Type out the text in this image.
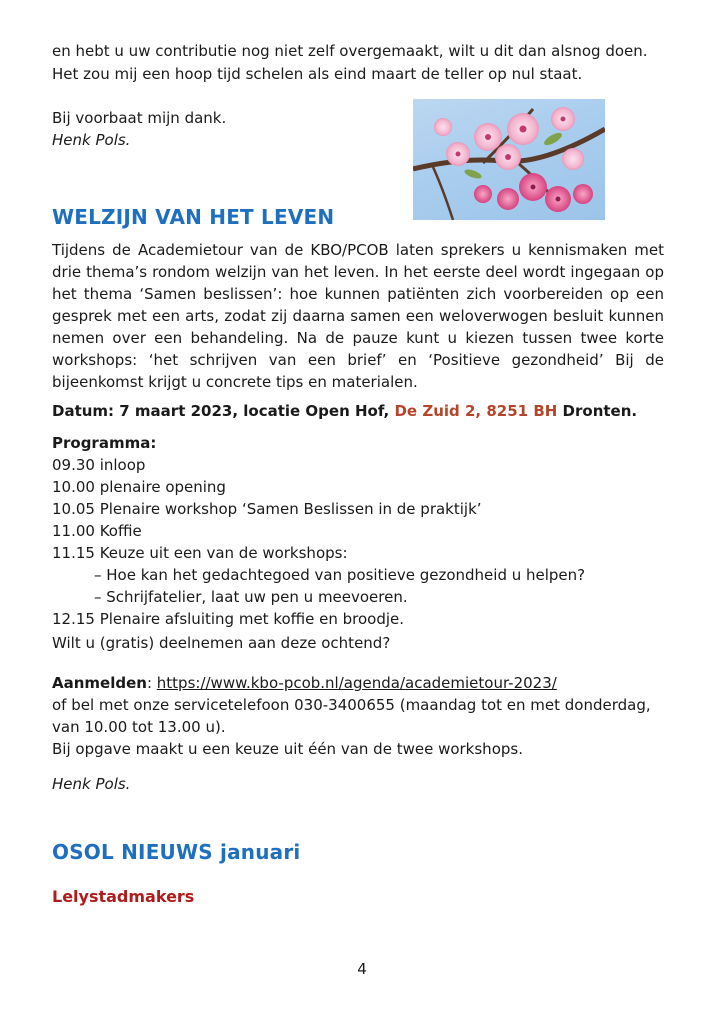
en hebt u uw contributie nog niet zelf overgemaakt, wilt u dit dan alsnog doen.
Het zou mij een hoop tijd schelen als eind maart de teller op nul staat.
Bij voorbaat mijn dank.
Henk Pols.
WELZIJN VAN HET LEVEN
Tijdens de Academietour van de KBO/PCOB laten sprekers u kennismaken met drie thema’s rondom welzijn van het leven. In het eerste deel wordt ingegaan op het thema ‘Samen beslissen’: hoe kunnen patiënten zich voorbereiden op een gesprek met een arts, zodat zij daarna samen een weloverwogen besluit kunnen nemen over een behandeling. Na de pauze kunt u kiezen tussen twee korte workshops: ‘het schrijven van een brief’ en ‘Positieve gezondheid’ Bij de bijeenkomst krijgt u concrete tips en materialen.
Datum: 7 maart 2023, locatie Open Hof, De Zuid 2, 8251 BH Dronten.
Programma:
09.30 inloop
10.00 plenaire opening
10.05 Plenaire workshop ‘Samen Beslissen in de praktijk’
11.00 Koffie
11.15 Keuze uit een van de workshops:
– Hoe kan het gedachtegoed van positieve gezondheid u helpen?
– Schrijfatelier, laat uw pen u meevoeren.
12.15 Plenaire afsluiting met koffie en broodje.
Wilt u (gratis) deelnemen aan deze ochtend?
Aanmelden: https://www.kbo-pcob.nl/agenda/academietour-2023/
of bel met onze servicetelefoon 030-3400655 (maandag tot en met donderdag,
van 10.00 tot 13.00 u).
Bij opgave maakt u een keuze uit één van de twee workshops.
Henk Pols.
OSOL NIEUWS januari
Lelystadmakers
4
